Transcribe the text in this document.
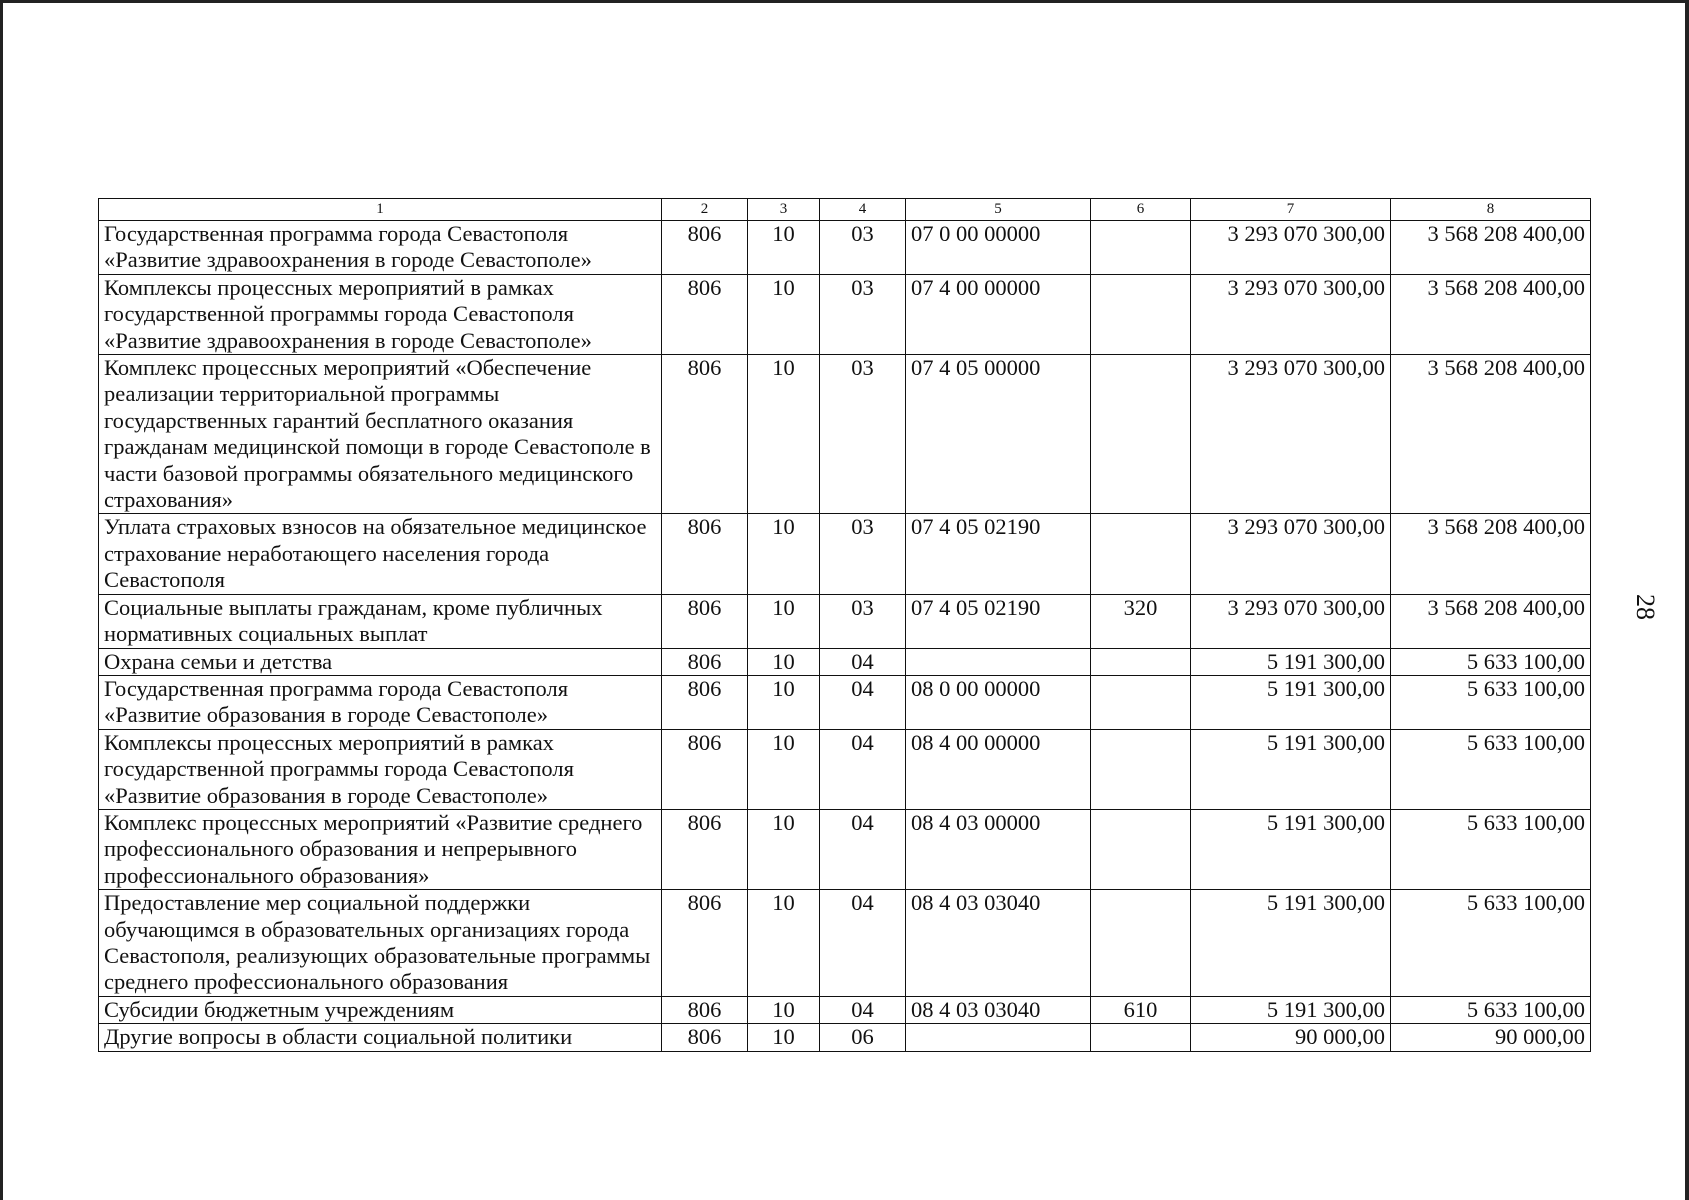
28
1	2	3	4	5	6	7	8
Государственная программа города Севастополя «Развитие здравоохранения в городе Севастополе»	806	10	03	07 0 00 00000		3 293 070 300,00	3 568 208 400,00
Комплексы процессных мероприятий в рамках государственной программы города Севастополя «Развитие здравоохранения в городе Севастополе»	806	10	03	07 4 00 00000		3 293 070 300,00	3 568 208 400,00
Комплекс процессных мероприятий «Обеспечение реализации территориальной программы государственных гарантий бесплатного оказания гражданам медицинской помощи в городе Севастополе в части базовой программы обязательного медицинского страхования»	806	10	03	07 4 05 00000		3 293 070 300,00	3 568 208 400,00
Уплата страховых взносов на обязательное медицинское страхование неработающего населения города Севастополя	806	10	03	07 4 05 02190		3 293 070 300,00	3 568 208 400,00
Социальные выплаты гражданам, кроме публичных нормативных социальных выплат	806	10	03	07 4 05 02190	320	3 293 070 300,00	3 568 208 400,00
Охрана семьи и детства	806	10	04			5 191 300,00	5 633 100,00
Государственная программа города Севастополя «Развитие образования в городе Севастополе»	806	10	04	08 0 00 00000		5 191 300,00	5 633 100,00
Комплексы процессных мероприятий в рамках государственной программы города Севастополя «Развитие образования в городе Севастополе»	806	10	04	08 4 00 00000		5 191 300,00	5 633 100,00
Комплекс процессных мероприятий «Развитие среднего профессионального образования и непрерывного профессионального образования»	806	10	04	08 4 03 00000		5 191 300,00	5 633 100,00
Предоставление мер социальной поддержки обучающимся в образовательных организациях города Севастополя, реализующих образовательные программы среднего профессионального образования	806	10	04	08 4 03 03040		5 191 300,00	5 633 100,00
Субсидии бюджетным учреждениям	806	10	04	08 4 03 03040	610	5 191 300,00	5 633 100,00
Другие вопросы в области социальной политики	806	10	06			90 000,00	90 000,00
